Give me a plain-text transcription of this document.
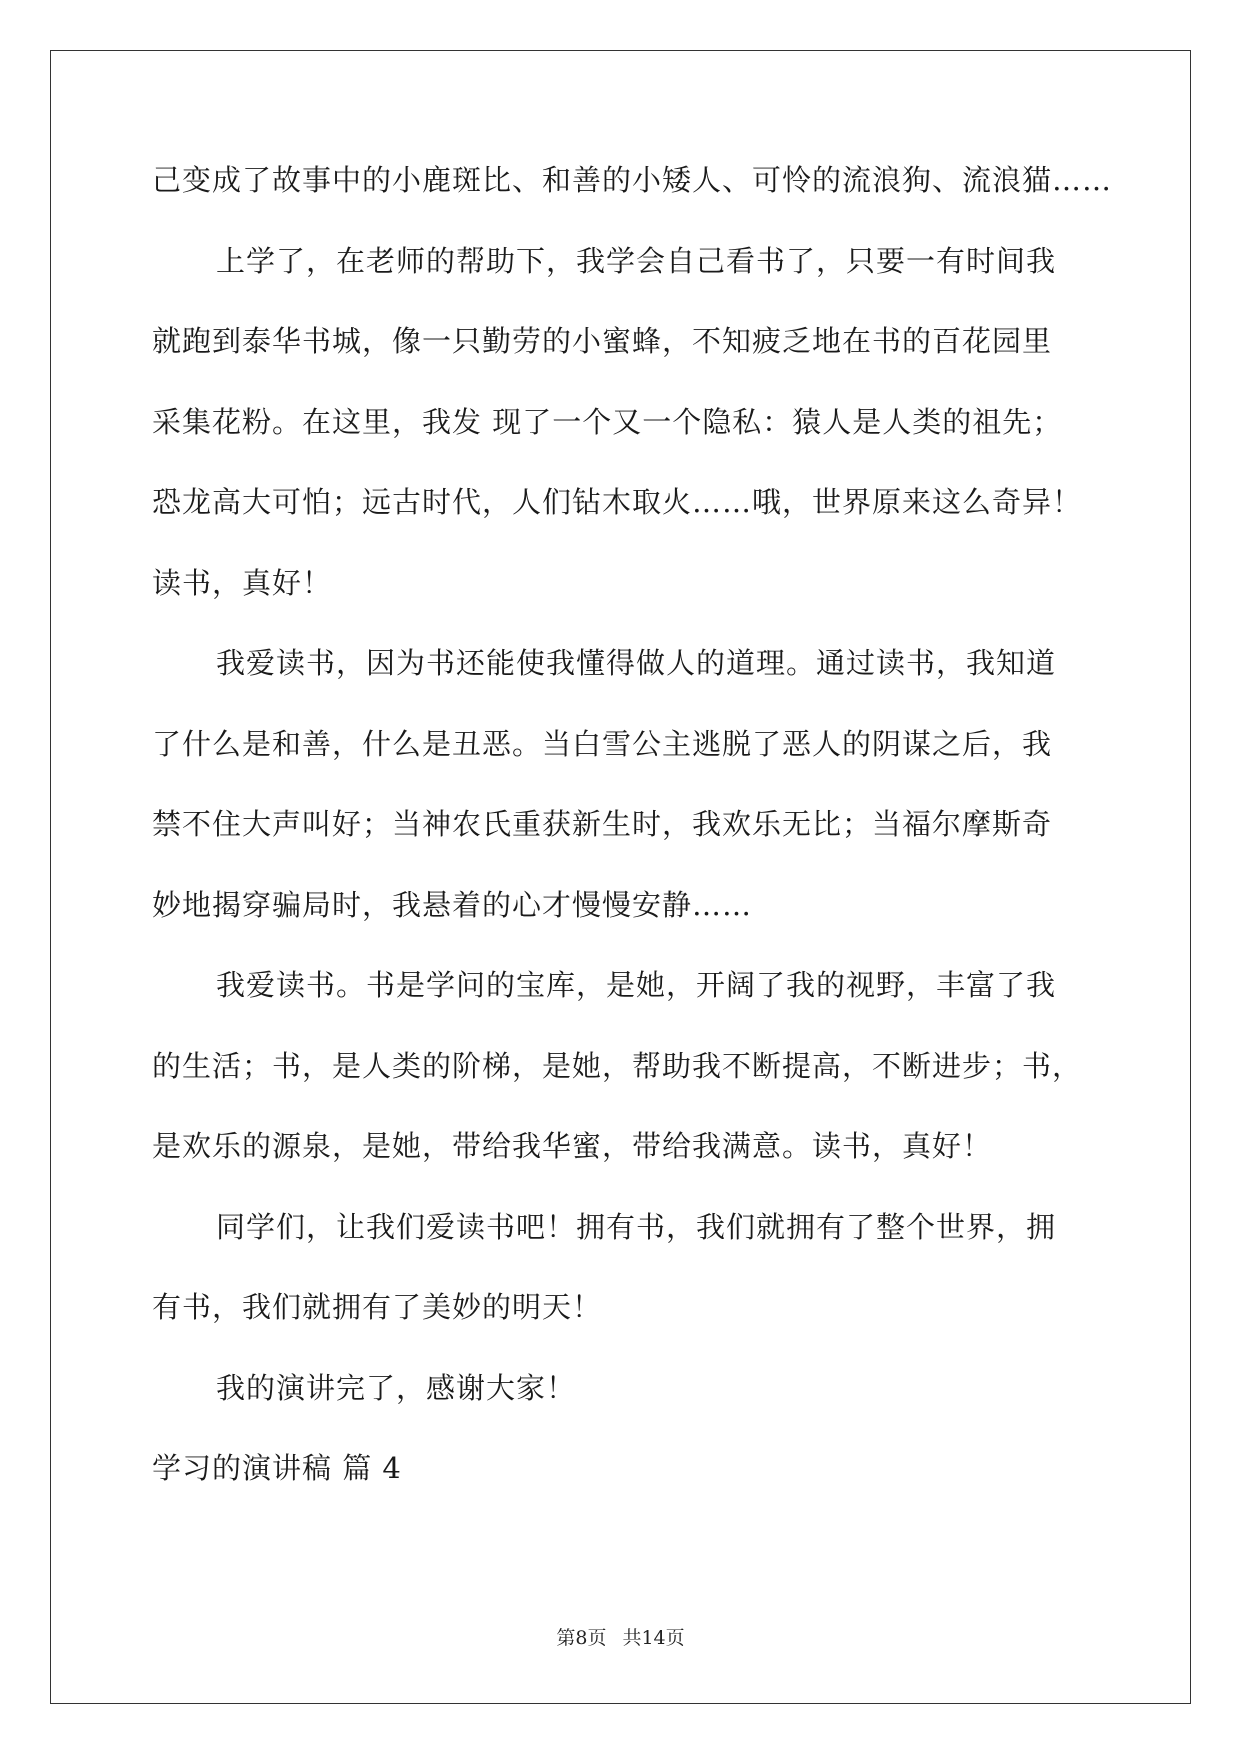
己变成了故事中的小鹿斑比、和善的小矮人、可怜的流浪狗、流浪猫……
上学了，在老师的帮助下，我学会自己看书了，只要一有时间我
就跑到泰华书城，像一只勤劳的小蜜蜂，不知疲乏地在书的百花园里
采集花粉。在这里，我发 现了一个又一个隐私：猿人是人类的祖先；
恐龙高大可怕；远古时代，人们钻木取火……哦，世界原来这么奇异！
读书，真好！
我爱读书，因为书还能使我懂得做人的道理。通过读书，我知道
了什么是和善，什么是丑恶。当白雪公主逃脱了恶人的阴谋之后，我
禁不住大声叫好；当神农氏重获新生时，我欢乐无比；当福尔摩斯奇
妙地揭穿骗局时，我悬着的心才慢慢安静……
我爱读书。书是学问的宝库，是她，开阔了我的视野，丰富了我
的生活；书，是人类的阶梯，是她，帮助我不断提高，不断进步；书，
是欢乐的源泉，是她，带给我华蜜，带给我满意。读书，真好！
同学们，让我们爱读书吧！拥有书，我们就拥有了整个世界，拥
有书，我们就拥有了美妙的明天！
我的演讲完了，感谢大家！
学习的演讲稿 篇 4
第8页 共14页
